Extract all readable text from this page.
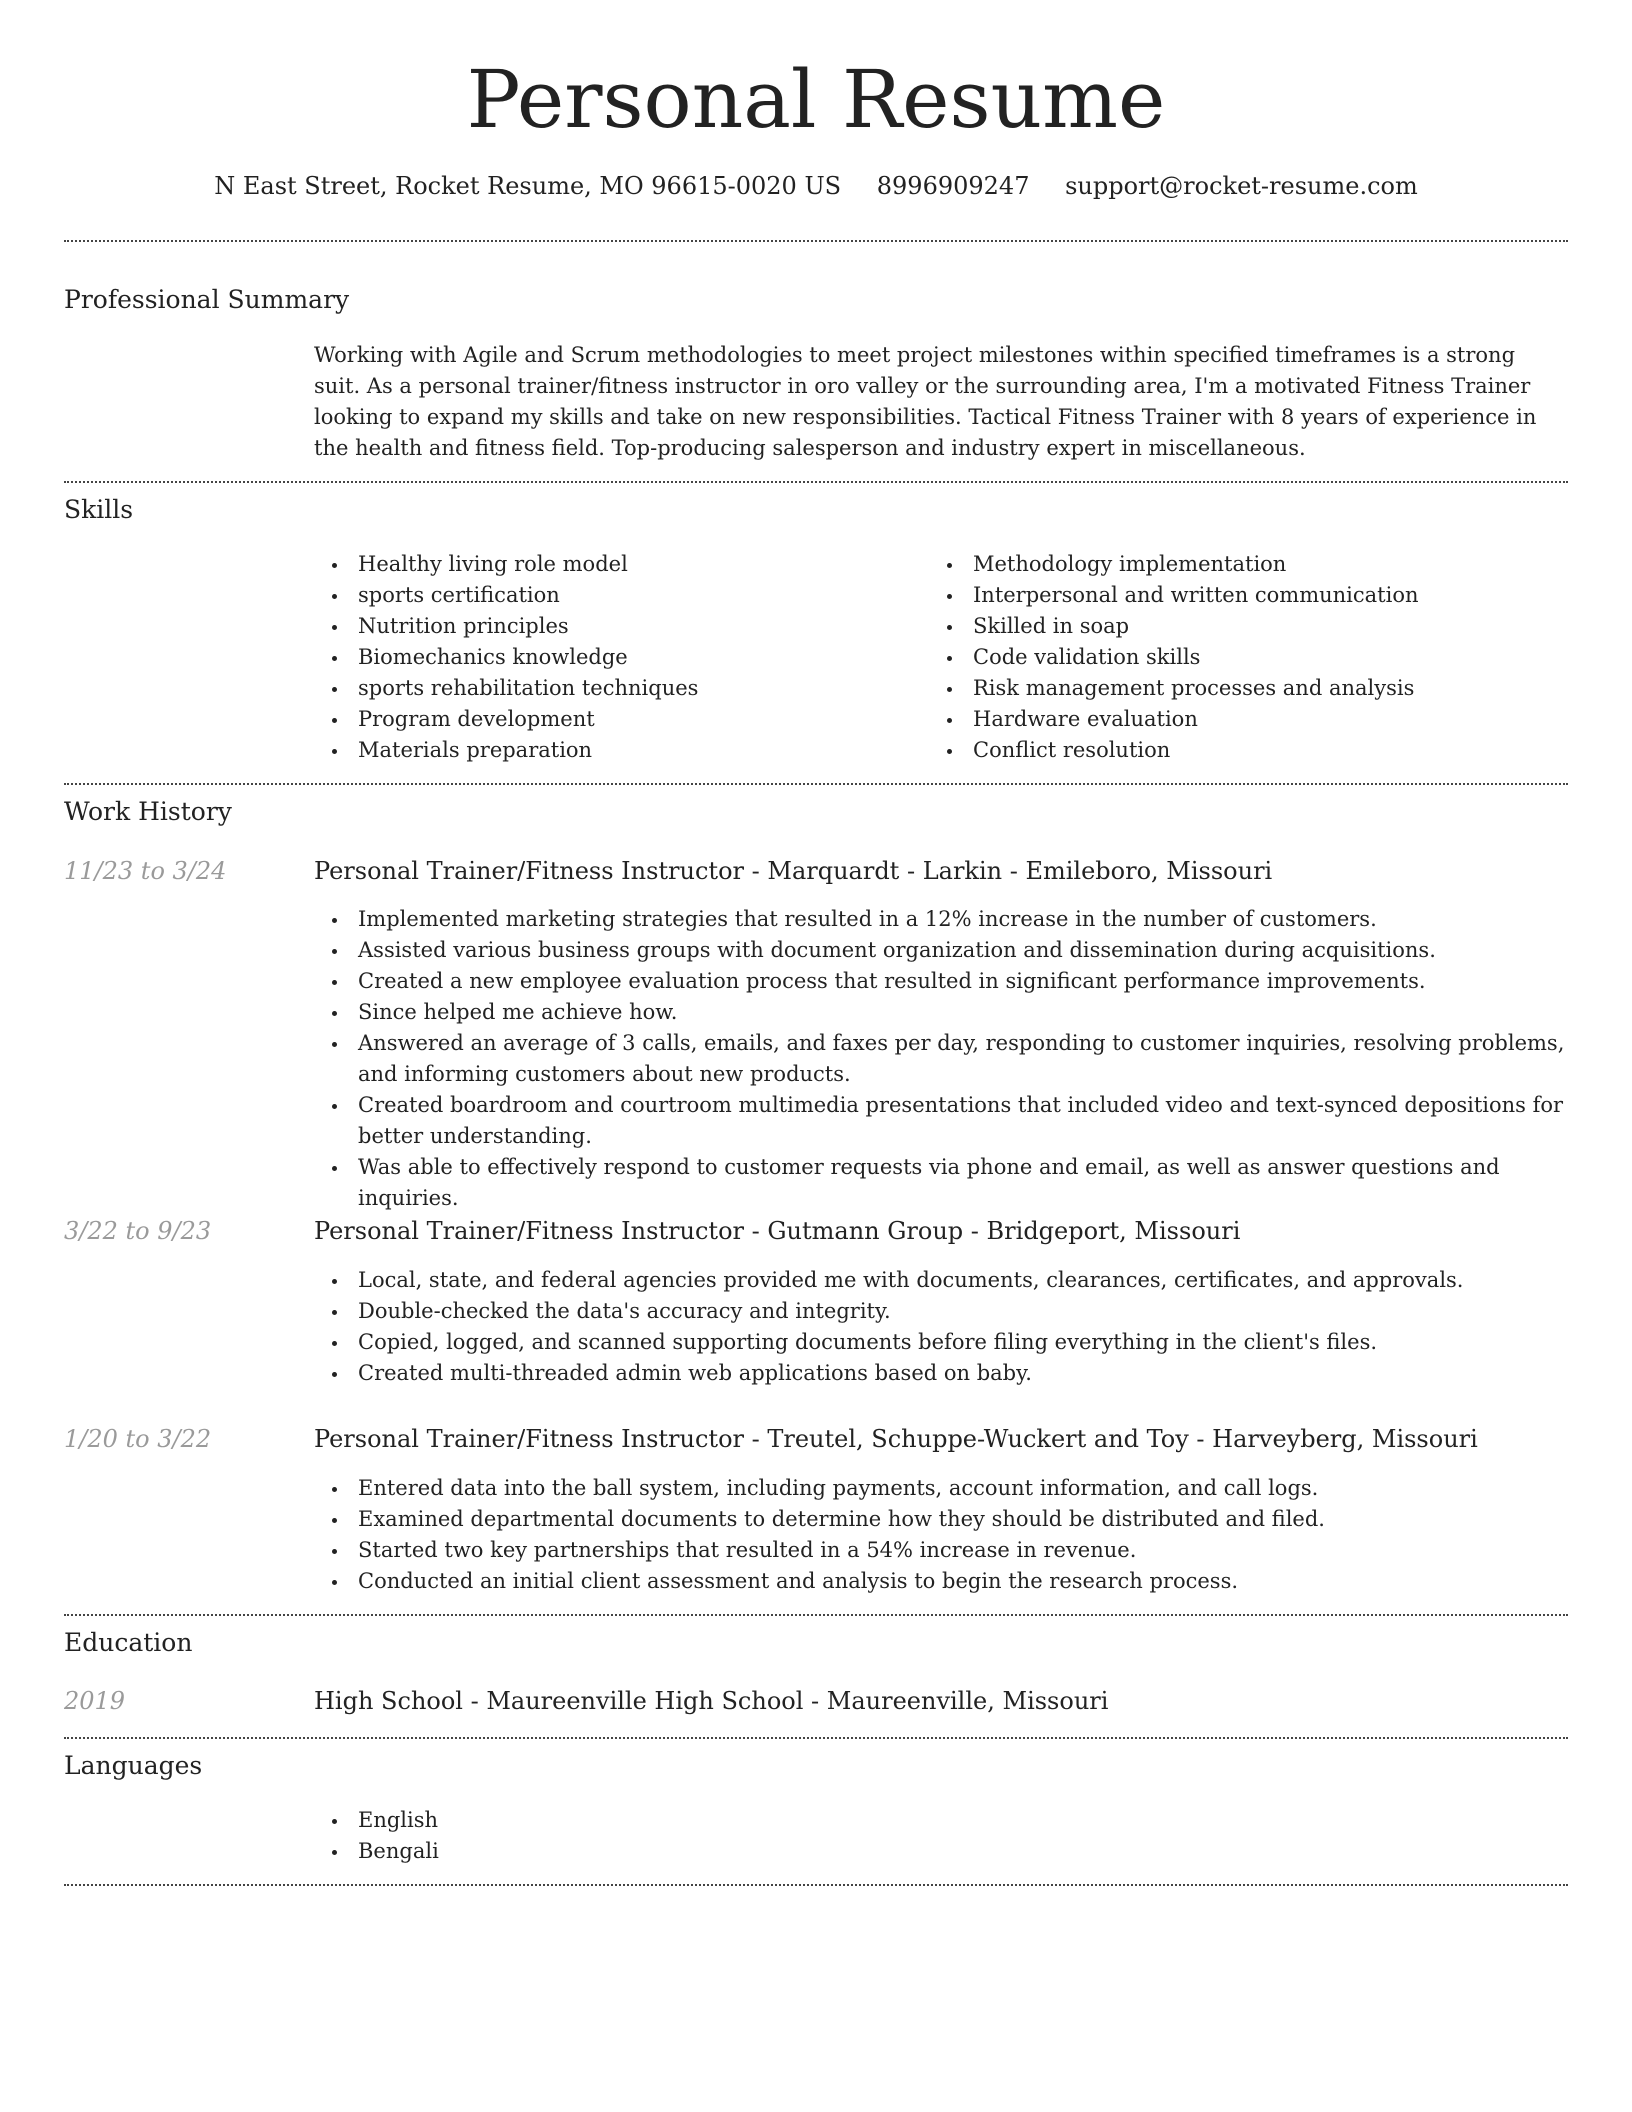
Personal Resume
N East Street, Rocket Resume, MO 96615-0020 US 8996909247 support@rocket-resume.com
Professional Summary
Working with Agile and Scrum methodologies to meet project milestones within specified timeframes is a strong suit. As a personal trainer/fitness instructor in oro valley or the surrounding area, I'm a motivated Fitness Trainer looking to expand my skills and take on new responsibilities. Tactical Fitness Trainer with 8 years of experience in the health and fitness field. Top-producing salesperson and industry expert in miscellaneous.
Skills
Healthy living role model
sports certification
Nutrition principles
Biomechanics knowledge
sports rehabilitation techniques
Program development
Materials preparation
Methodology implementation
Interpersonal and written communication
Skilled in soap
Code validation skills
Risk management processes and analysis
Hardware evaluation
Conflict resolution
Work History
11/23 to 3/24	Personal Trainer/Fitness Instructor - Marquardt - Larkin - Emileboro, Missouri
Implemented marketing strategies that resulted in a 12% increase in the number of customers.
Assisted various business groups with document organization and dissemination during acquisitions.
Created a new employee evaluation process that resulted in significant performance improvements.
Since helped me achieve how.
Answered an average of 3 calls, emails, and faxes per day, responding to customer inquiries, resolving problems, and informing customers about new products.
Created boardroom and courtroom multimedia presentations that included video and text-synced depositions for better understanding.
Was able to effectively respond to customer requests via phone and email, as well as answer questions and inquiries.
3/22 to 9/23	Personal Trainer/Fitness Instructor - Gutmann Group - Bridgeport, Missouri
Local, state, and federal agencies provided me with documents, clearances, certificates, and approvals.
Double-checked the data's accuracy and integrity.
Copied, logged, and scanned supporting documents before filing everything in the client's files.
Created multi-threaded admin web applications based on baby.
1/20 to 3/22	Personal Trainer/Fitness Instructor - Treutel, Schuppe-Wuckert and Toy - Harveyberg, Missouri
Entered data into the ball system, including payments, account information, and call logs.
Examined departmental documents to determine how they should be distributed and filed.
Started two key partnerships that resulted in a 54% increase in revenue.
Conducted an initial client assessment and analysis to begin the research process.
Education
2019	High School - Maureenville High School - Maureenville, Missouri
Languages
English
Bengali
